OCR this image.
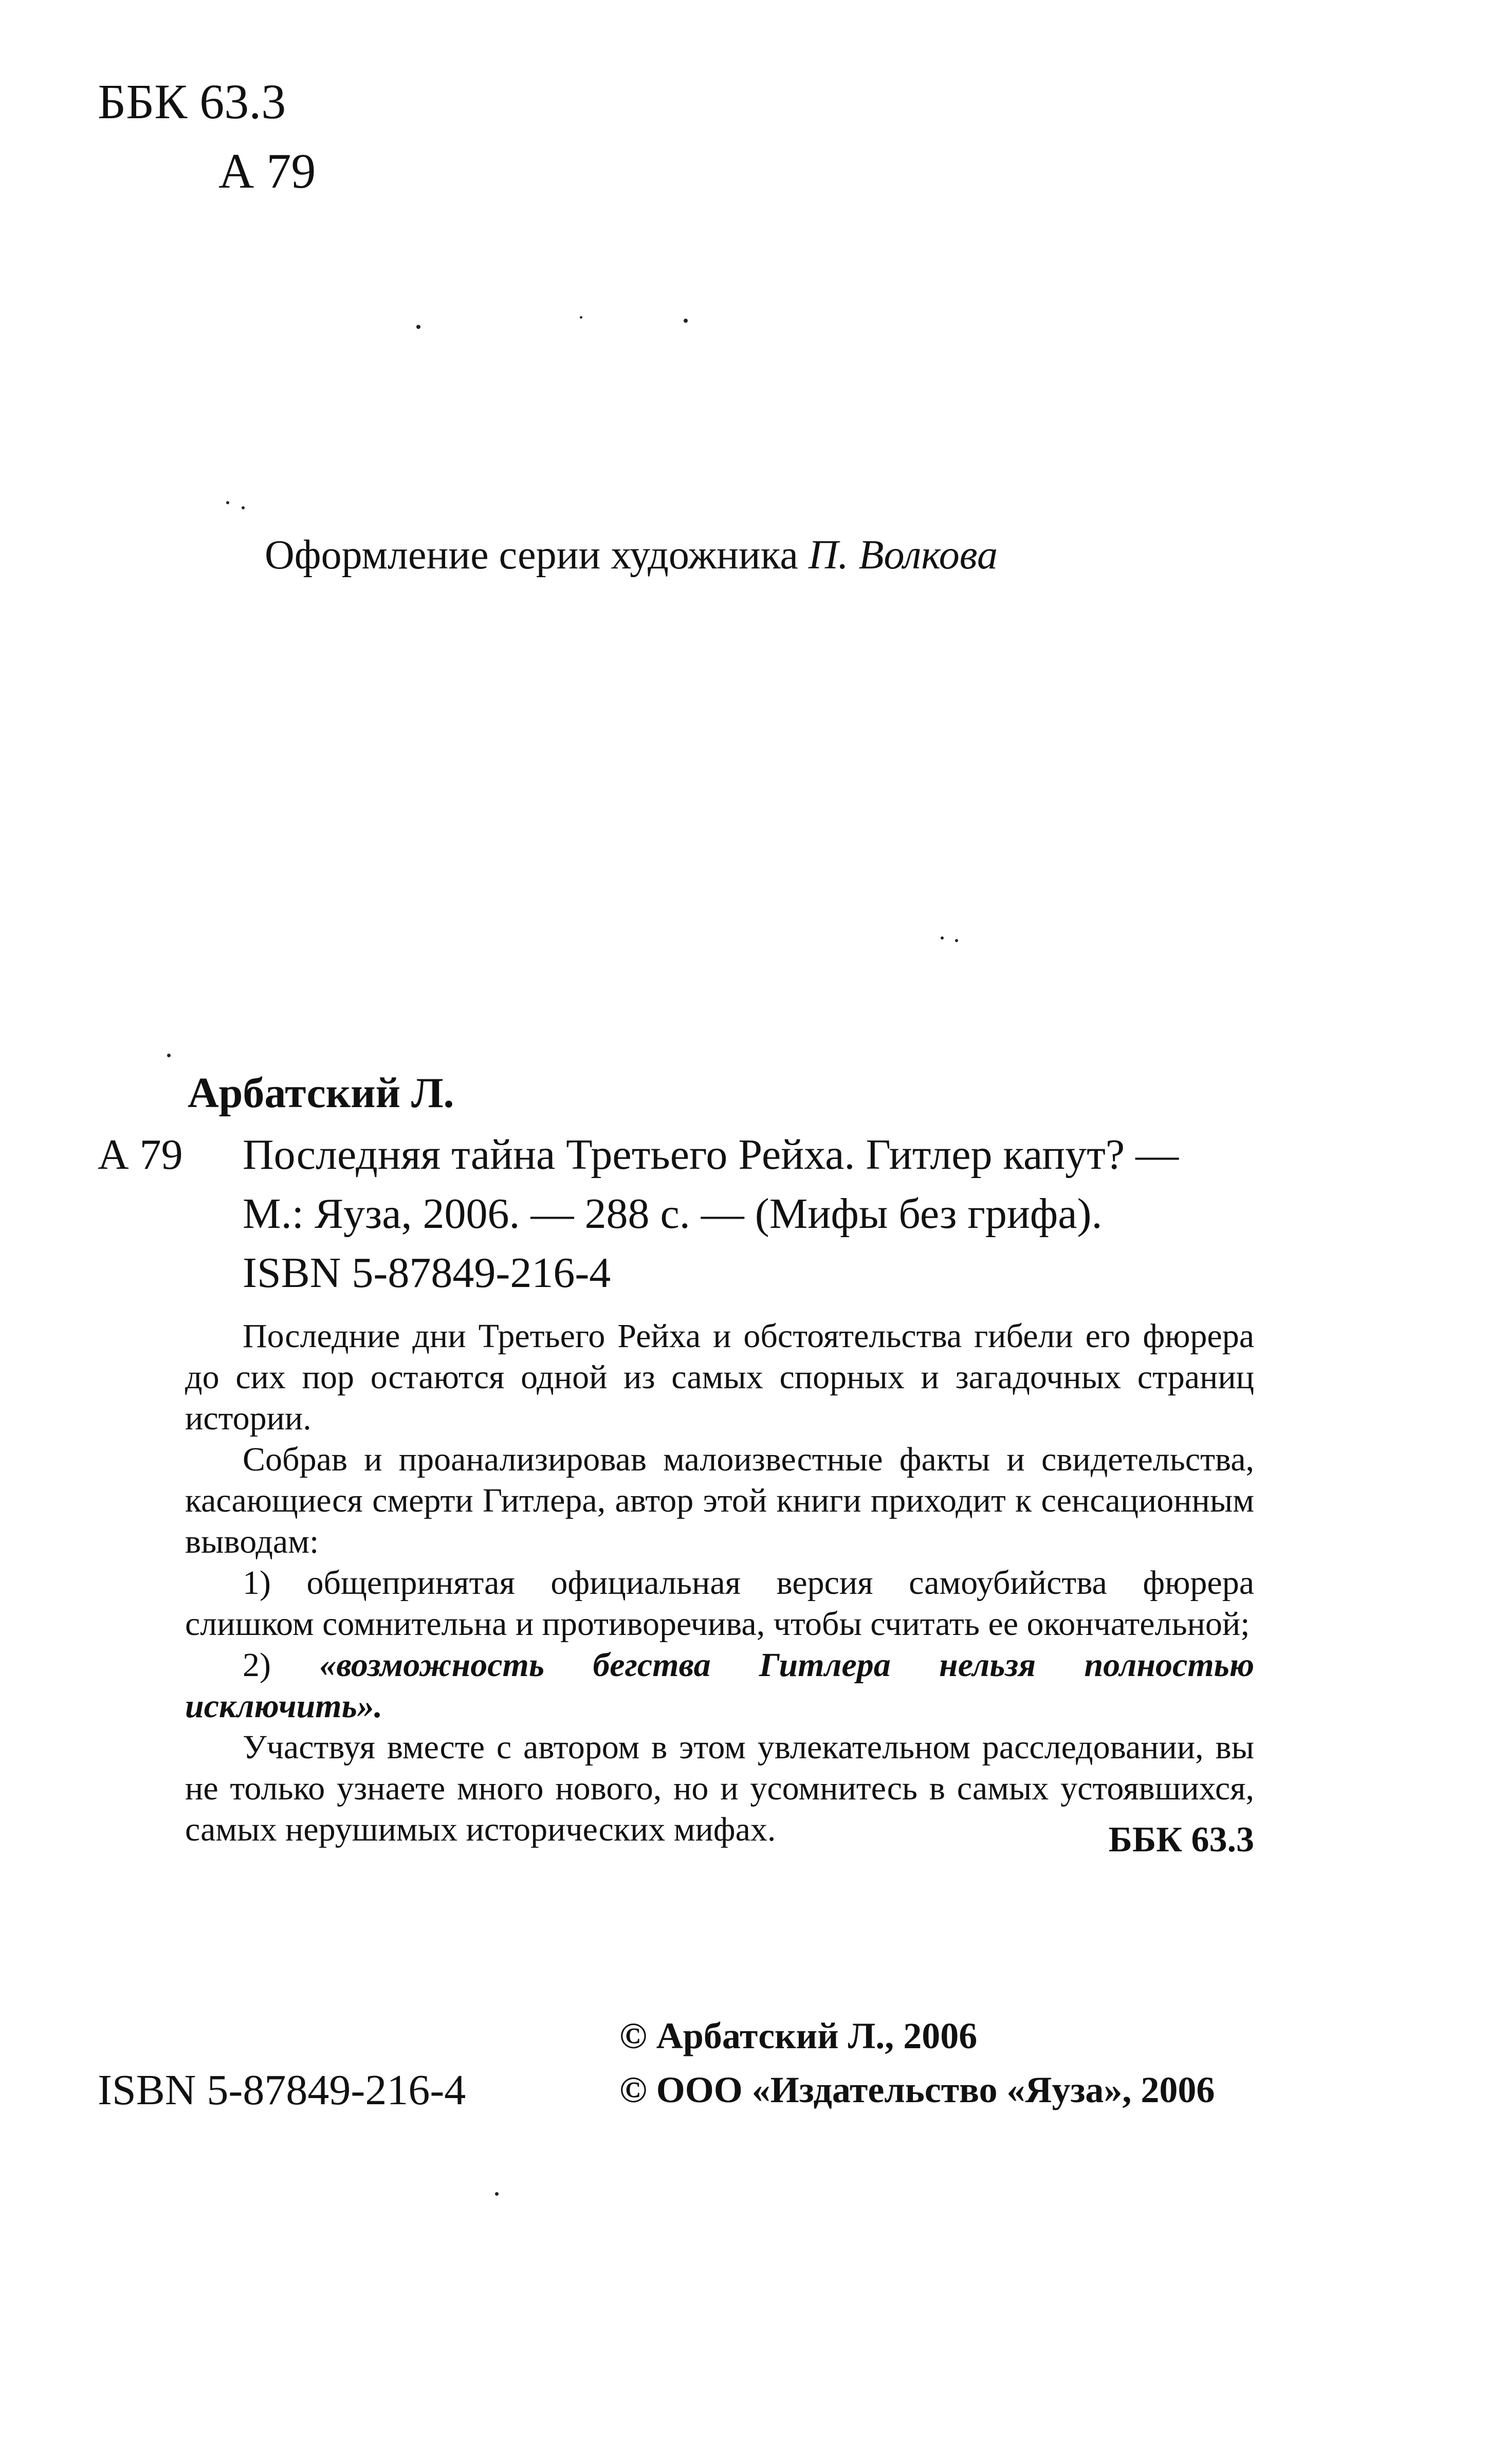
ББК 63.3
А 79
Оформление серии художника П. Волкова
Арбатский Л.
А 79 Последняя тайна Третьего Рейха. Гитлер капут? —
М.: Яуза, 2006. — 288 с. — (Мифы без грифа).
ISBN 5-87849-216-4

Последние дни Третьего Рейха и обстоятельства гибели его фюрера до сих пор остаются одной из самых спорных и загадочных страниц истории.

Собрав и проанализировав малоизвестные факты и свидетельства, касающиеся смерти Гитлера, автор этой книги приходит к сенсационным выводам:

1) общепринятая официальная версия самоубийства фюрера слишком сомнительна и противоречива, чтобы считать ее окончательной;

2) «возможность бегства Гитлера нельзя полностью исключить».

Участвуя вместе с автором в этом увлекательном расследовании, вы не только узнаете много нового, но и усомнитесь в самых устоявшихся, самых нерушимых исторических мифах.	ББК 63.3
ISBN 5-87849-216-4
© Арбатский Л., 2006
© ООО «Издательство «Яуза», 2006
